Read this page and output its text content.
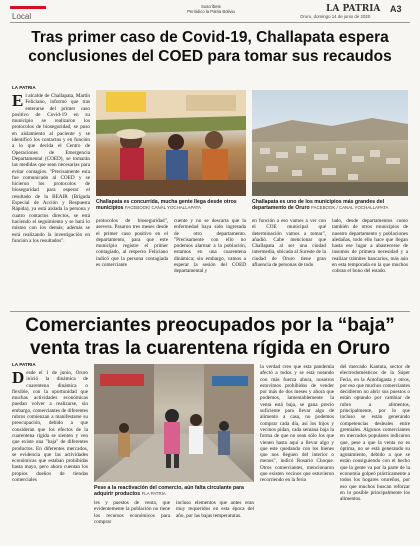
Local
Suscríbete
Periódico la Patria Bolivia	LA PATRIA A3
Oruro, domingo 14 de junio de 2020
Tras primer caso de Covid-19, Challapata espera conclusiones del COED para tomar sus recaudos
LA PATRIA
El alcalde de Challapata, Martín Feliciano, informó que tras enterarse del primer caso positivo de Covid-19 en su municipio se realizaron los protocolos de bioseguridad, se puso en aislamiento al paciente y se identificó los contactos y en función a lo que decida el Centro de Operaciones de Emergencia Departamental (COED), se tomarán las medidas que sean necesarias para evitar contagios. "Precisamente esta fue comunicado al COED y se hicieron los protocolos de bioseguridad para esperar el resultado de la BEAIR (Brigada Especial de Acción y Respuesta Rápida), ya está aislada la persona y cuatro contactos directos, se está haciendo el seguimiento y se hará lo mismo con los demás; además se está realizando la investigación en función a los resultados".
Challapata es concurrida, mucha gente llega desde otros municipios FACEBOOK/ CANAL YOCHALLAPATA
Challapata es uno de los municipios más grandes del departamento de Oruro FACEBOOK / CANAL YOCHALLAPATA
protocolos de bioseguridad", asevera. Pasaron tres meses desde el primer caso positivo en el departamento, para que este municipio registre el primer contagiado, al respecto Feliciano indicó que la persona contagiada es comerciante
cuente y no se descarta que la enfermedad haya sido ingresada de otro departamento. "Precisamente con ello no podemos alarmar a la población, estamos en una cuarentena dinámica; sin embargo, vamos a esperar la sesión del COED departamental y
en función a eso vamos a ver con el COE municipal qué determinación vamos a tomar", añadió. Cabe mencionar que Challapata al ser una ciudad intermedia, ubicada al Sureste de la ciudad de Oruro tiene gran afluencia de personas de todo
lado, desde departamentos como también de otros municipios de nuestro departamento y poblaciones aledañas, todo ello hace que llegan hasta ese lugar a abastecerse de insumos de primera necesidad y a realizar trámites bancarios, más aún en esta temporada en la que muchos cobran el bono del estado.
Comerciantes preocupados por la “baja” venta tras la cuarentena rígida en Oruro
LA PATRIA
Desde el 1 de junio, Oruro inició la dinámica de cuarentena dinámica o flexible, con la oportunidad que muchas actividades económicas puedan volver a realizarse, sin embargo, comerciantes de diferentes rubros comienzan a manifestarse su preocupación, debido a que consideran que los efectos de la cuarentena rígida se sienten y ven que existe una "baja" de diferentes productos. En diferentes mercados, se evidencia que las actividades económicas que estaban prohibidas hasta mayo, pero ahora cuentan los propios dueños de tiendas comerciales
Pese a la reactivación del comercio, aún falta circulante para adquirir productos FLA PATRIA
les y puestos de venta, que evidentemente la población no tiene los recursos económicos para comprar
incluso elementos que antes eran muy requeridos en esta época del año, por las bajas temperaturas.
la verdad creo que esta pandemia afectó a todos y se está notando con más fuerza ahora, nosotros estuvimos prohibidos de vender por más de dos meses y ahora que podemos, lamentablemente la venta está baja, se gana precio suficiente para llevar algo de alimento a casa, no podemos comprar cada día, así los hijos y vecinos pidan, cada semana baja la forma de que no sean sólo los que vienen hasta aquí a llevar algo y que este quedando con los bienes que nos lleguen del interior o menos", indicó Rosario Choque. Otros comerciantes, mencionaron que existen vecinos que estuvieron recorriendo en la feria
del mercado Kantuta, sector de electrodomésticos de la Súper Feria, en la Antofagasta y otros, por eso que muchos comerciantes decidieron no abrir sus puestos o están optando por cambiar de rubro a alimentos, principalmente, por lo que incluso se están generando competencias desleales entre gremiales. Algunos comerciantes en mercados populares indicaron que, pese a que la venta no es óptima, no se está generando su agotamiento, debido a que se están consiguiendo con el hecho que la gente va por la parte de la economía golpeó prácticamente a todos los hogares orureños, por eso que muchos buscan reforzar en lo posible principalmente los alimentos.
